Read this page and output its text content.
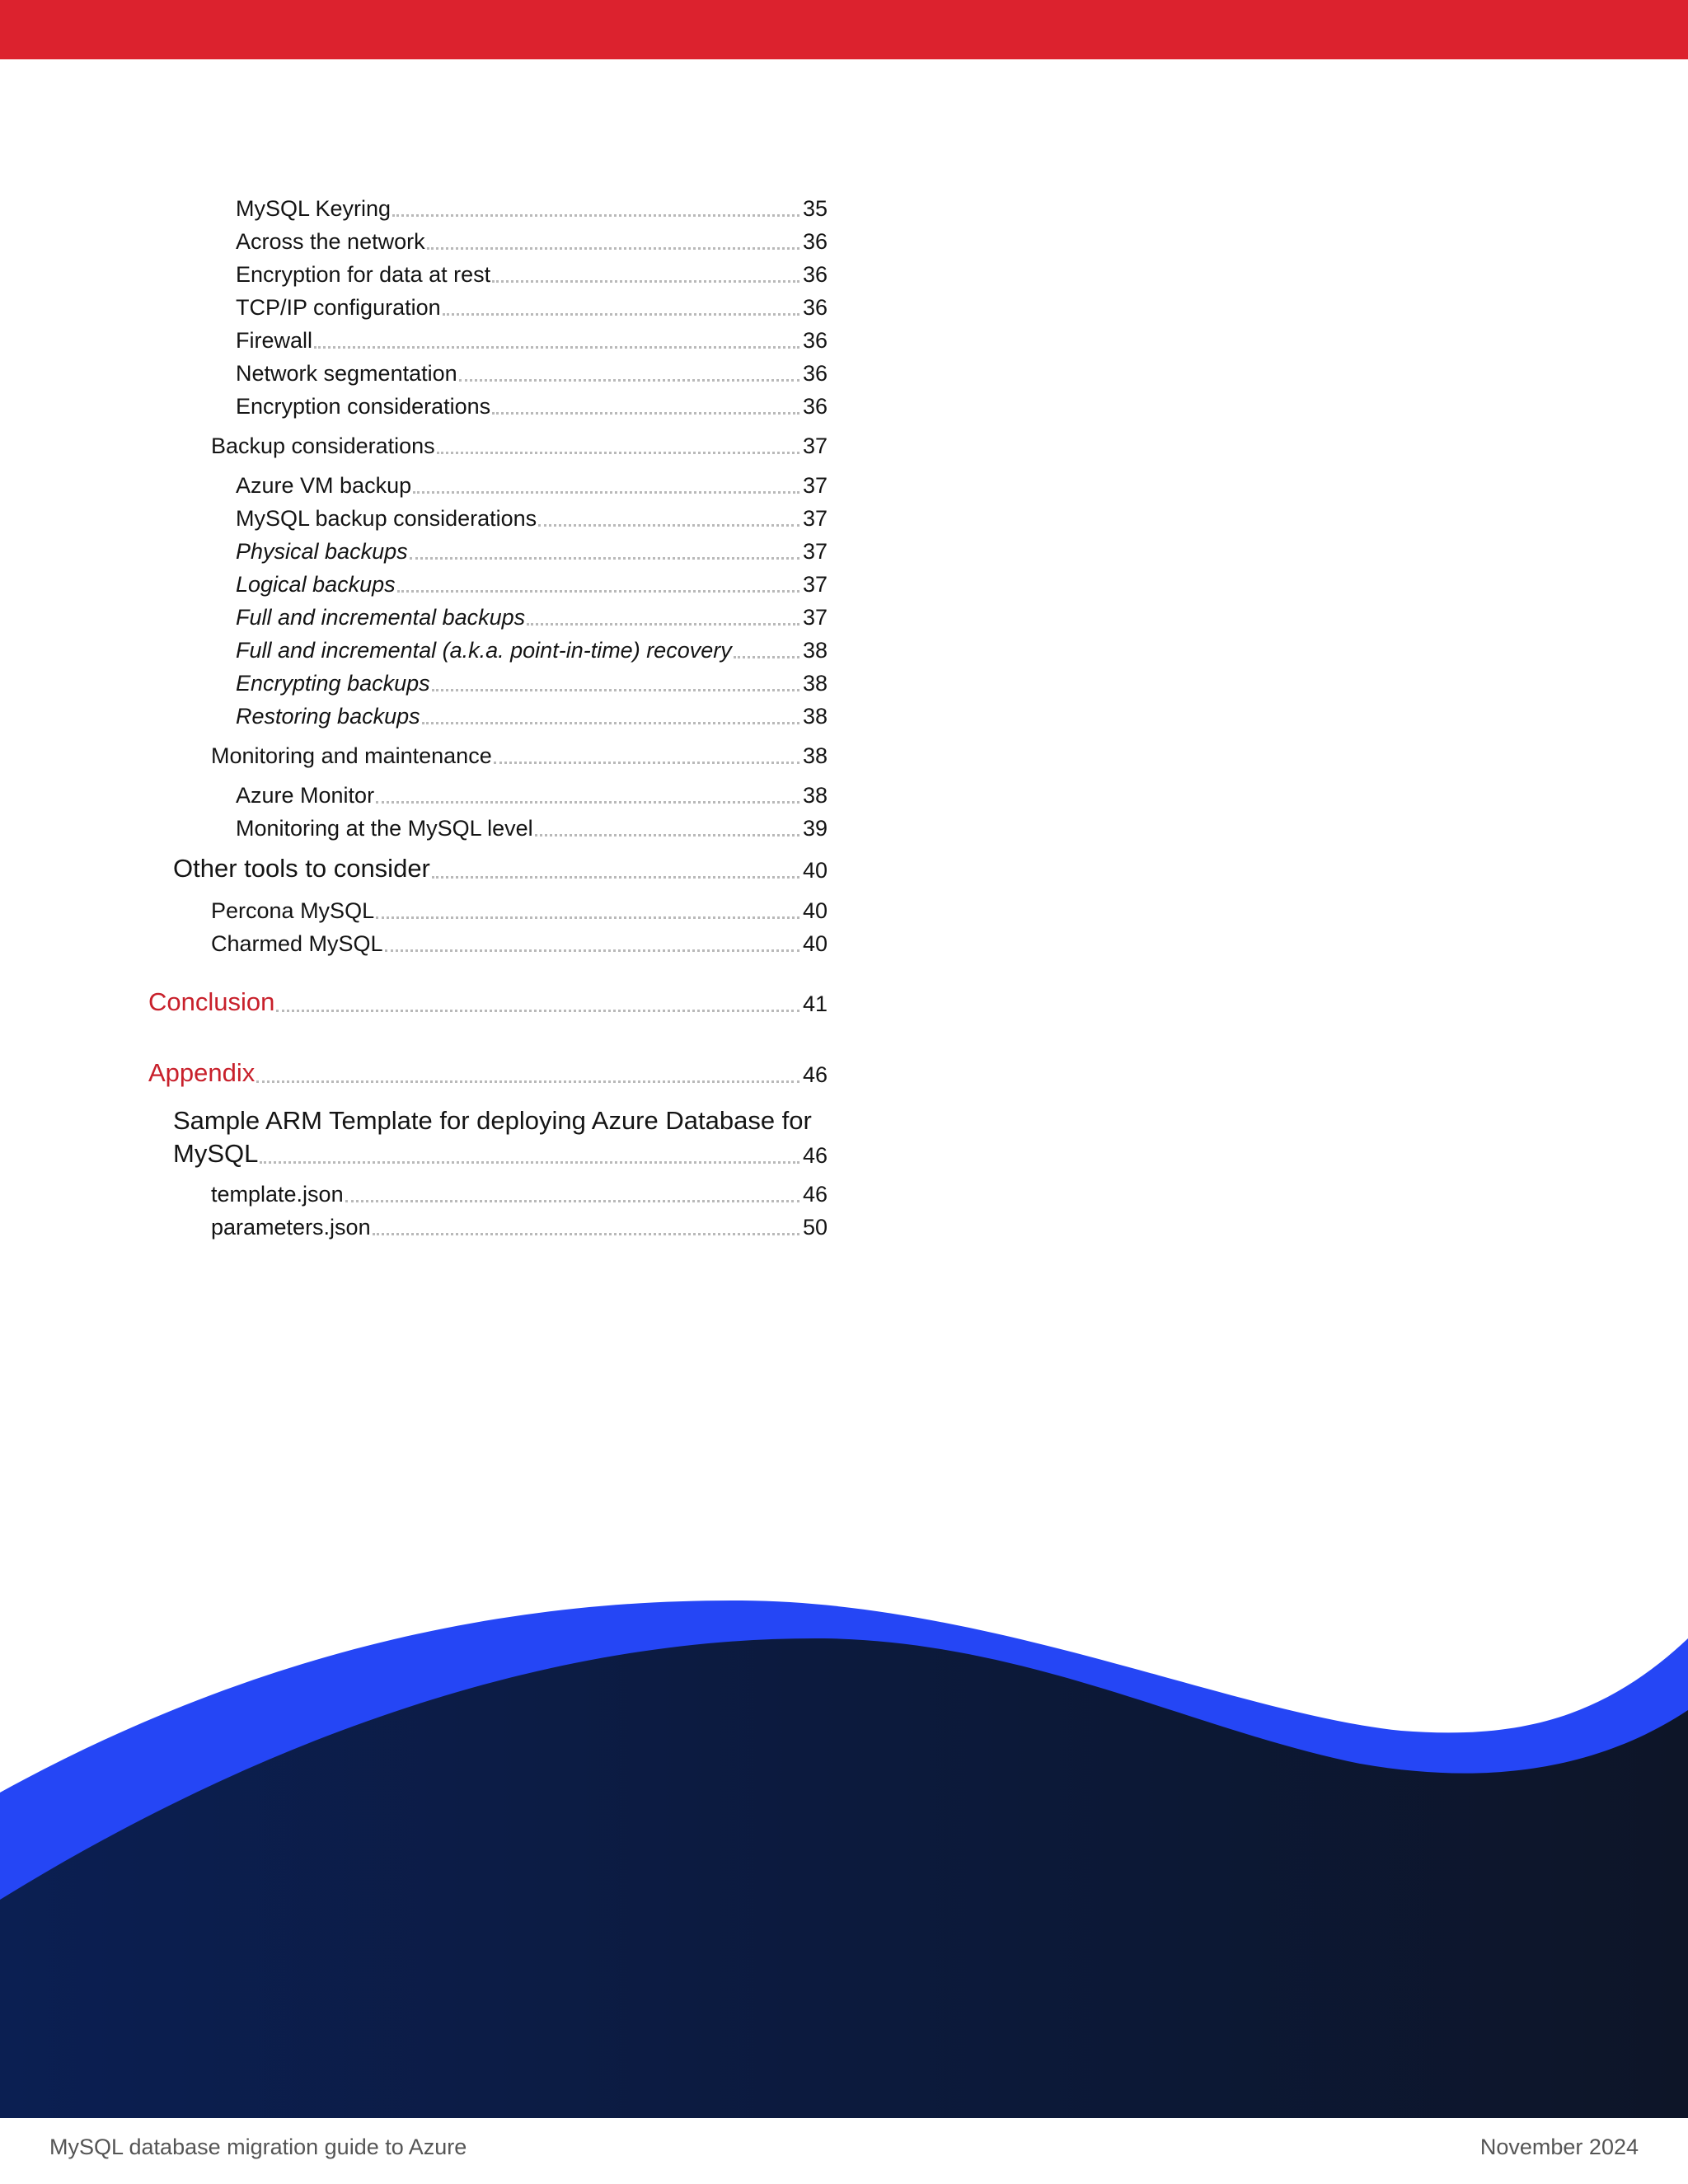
MySQL Keyring	35
Across the network	36
Encryption for data at rest	36
TCP/IP configuration	36
Firewall	36
Network segmentation	36
Encryption considerations	36
Backup considerations	37
Azure VM backup	37
MySQL backup considerations	37
Physical backups	37
Logical backups	37
Full and incremental backups	37
Full and incremental (a.k.a. point-in-time) recovery	38
Encrypting backups	38
Restoring backups	38
Monitoring and maintenance	38
Azure Monitor	38
Monitoring at the MySQL level	39
Other tools to consider	40
Percona MySQL	40
Charmed MySQL	40
Conclusion	41
Appendix	46
Sample ARM Template for deploying Azure Database for
MySQL	46
template.json	46
parameters.json	50
MySQL database migration guide to Azure	November 2024
